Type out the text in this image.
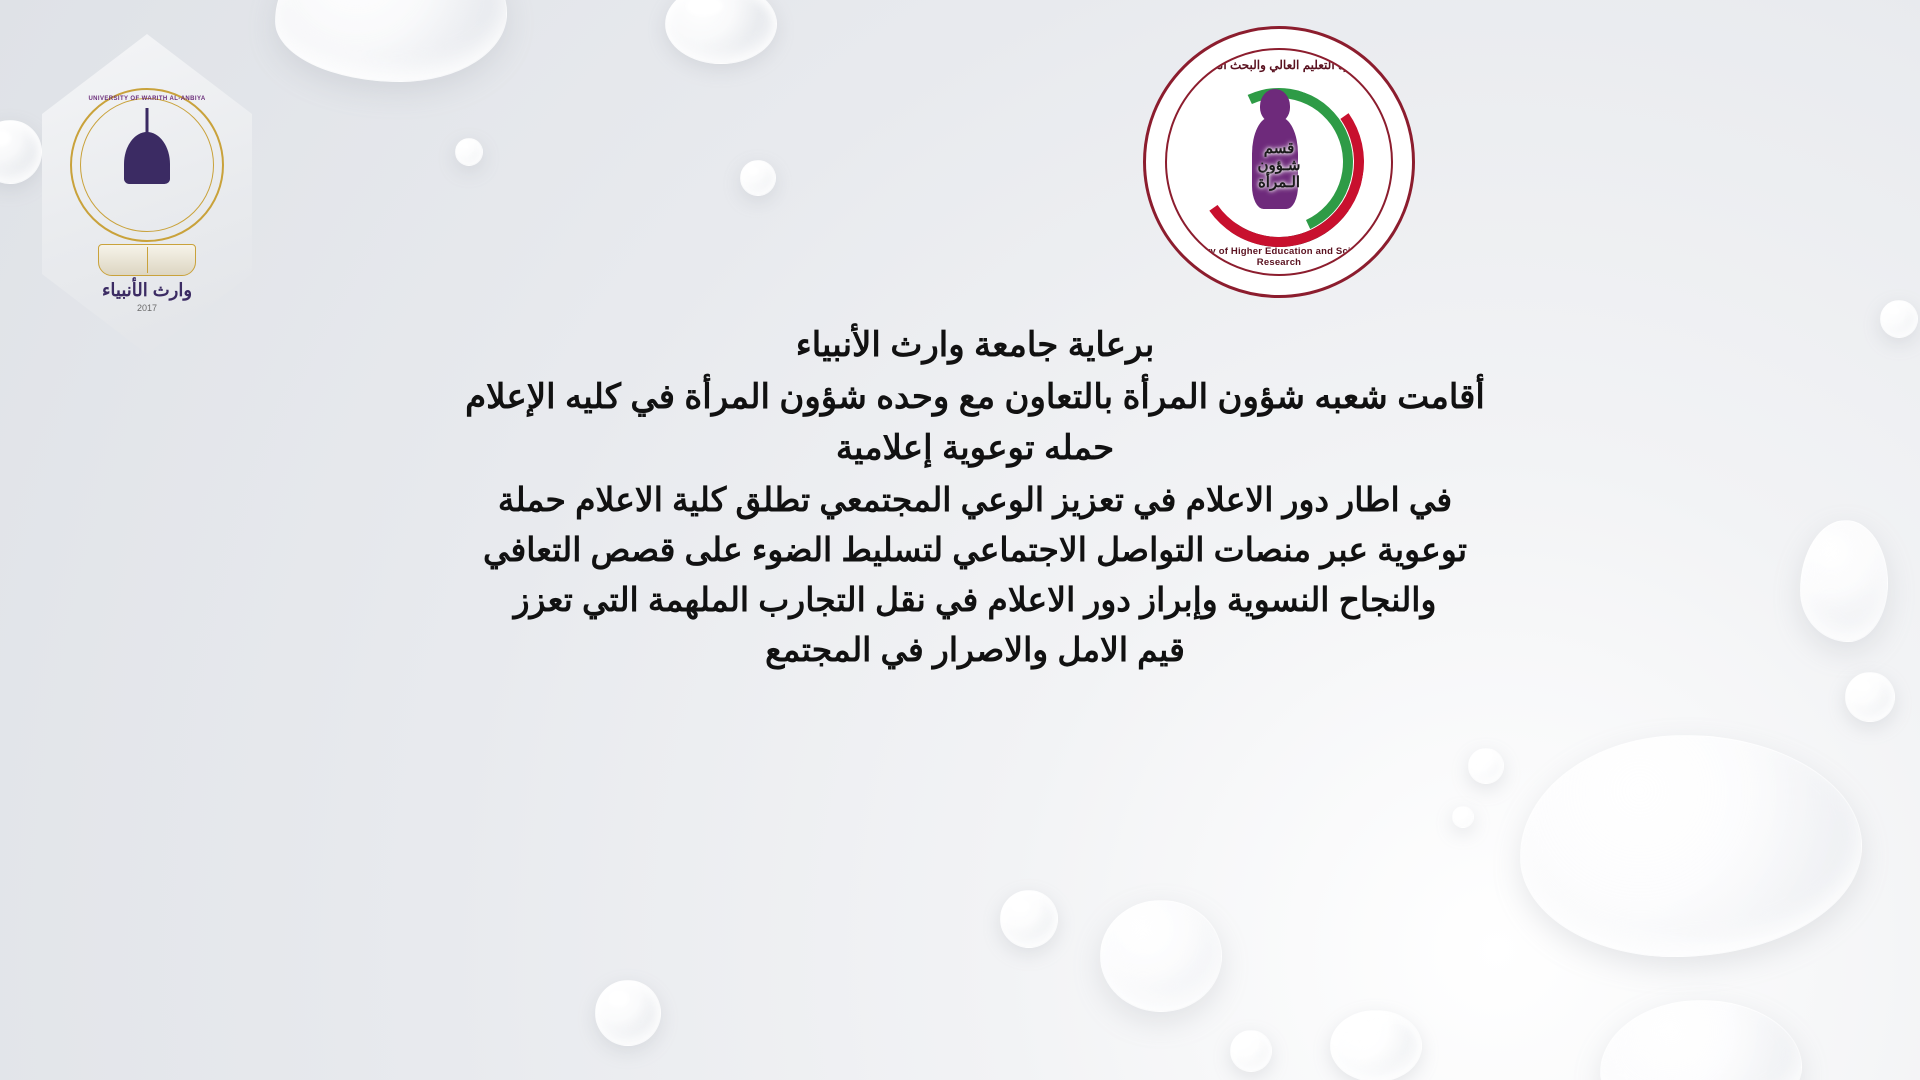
UNIVERSITY OF WARITH AL-ANBIYA
وارث الأنبياء
2017
وزارة التعليم العالي والبحث العلمي
قسم
شـؤون
الـمرأة
Ministry of Higher Education and Scientific Research
برعاية جامعة وارث الأنبياء
أقامت شعبه شؤون المرأة بالتعاون مع وحده شؤون المرأة في كليه الإعلام
حمله توعوية إعلامية
في اطار دور الاعلام في تعزيز الوعي المجتمعي تطلق كلية الاعلام حملة
توعوية عبر منصات التواصل الاجتماعي لتسليط الضوء على قصص التعافي
والنجاح النسوية وإبراز دور الاعلام في نقل التجارب الملهمة التي تعزز
قيم الامل والاصرار في المجتمع
